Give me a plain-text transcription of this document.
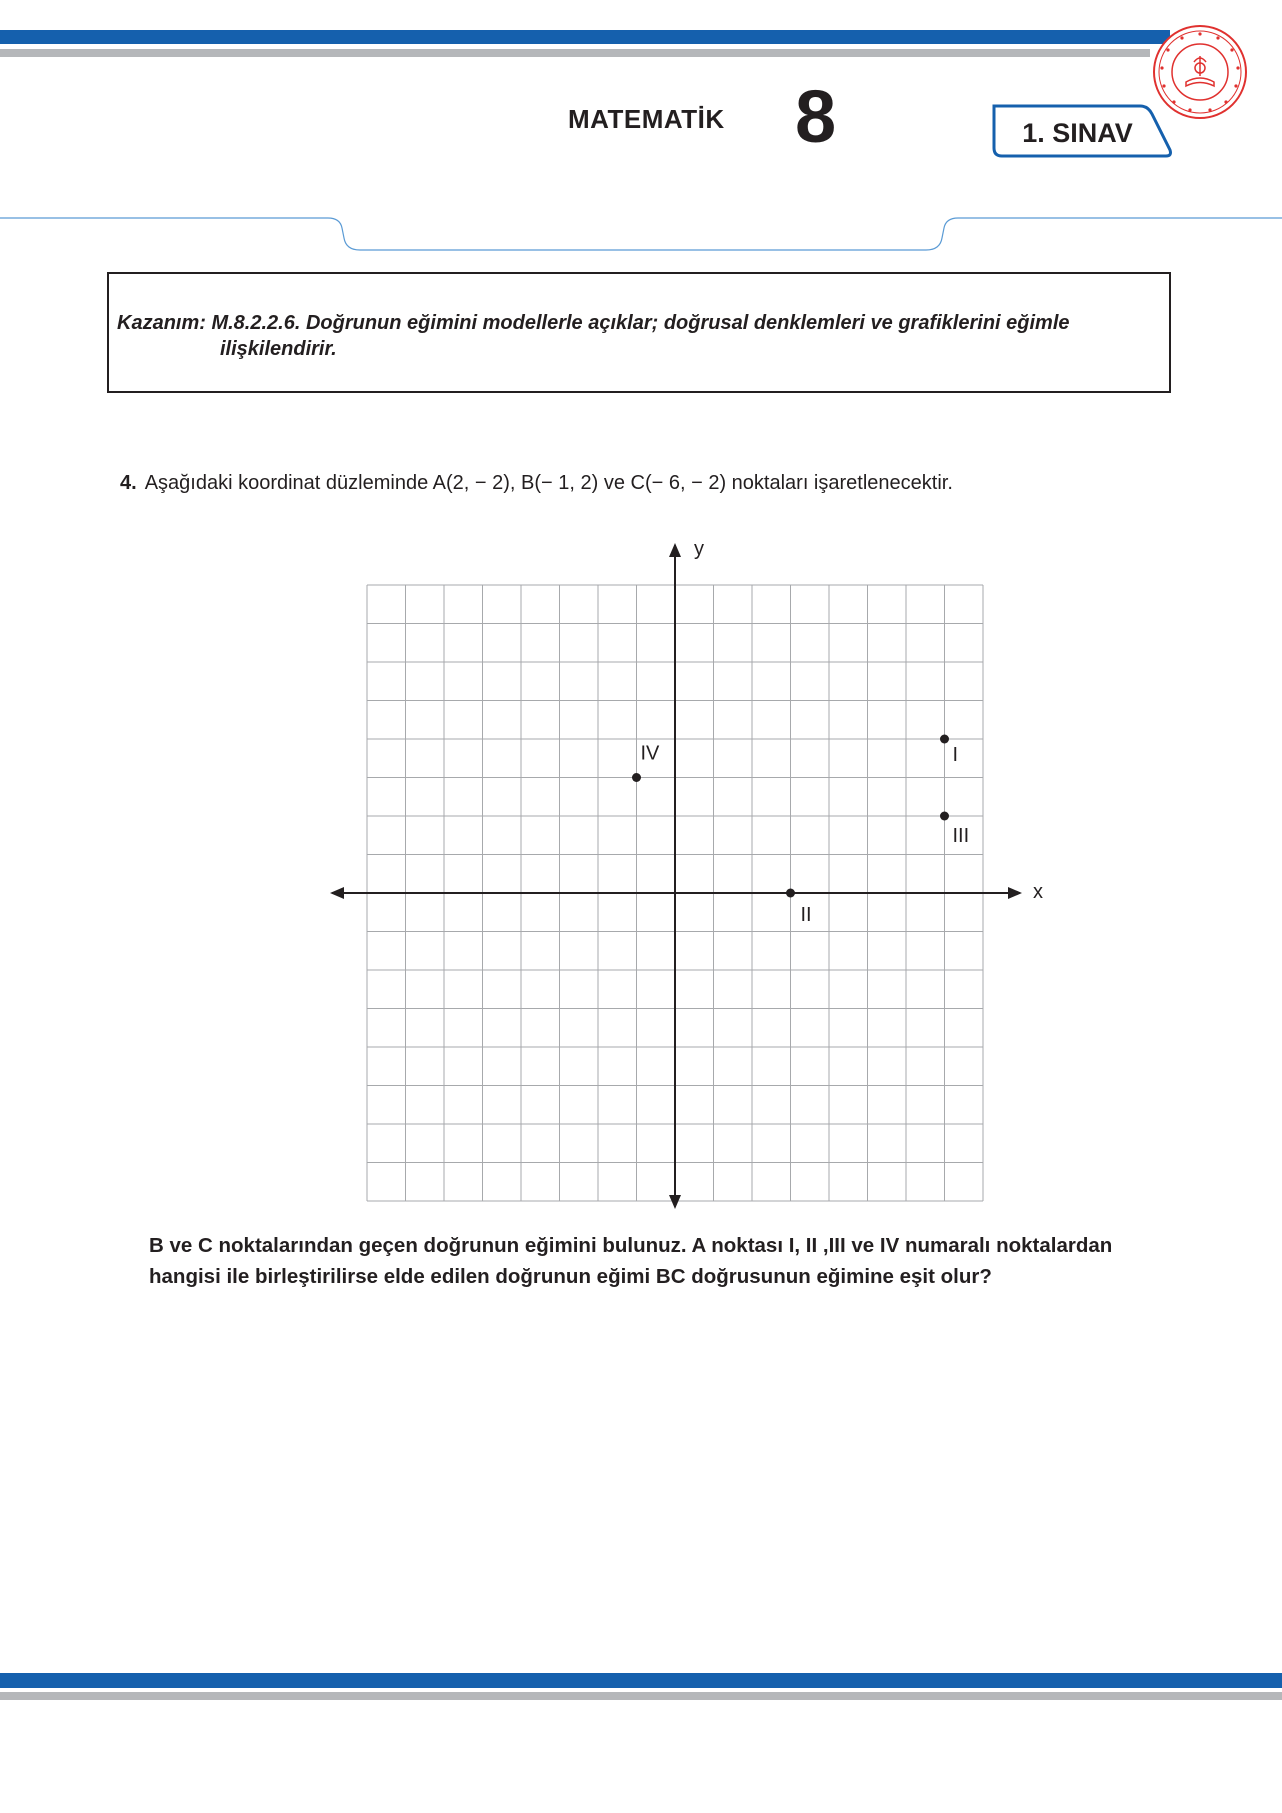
MATEMATİK 8	1. SINAV
Kazanım: M.8.2.2.6. Doğrunun eğimini modellerle açıklar; doğrusal denklemleri ve grafiklerini eğimle
ilişkilendirir.
4. Aşağıdaki koordinat düzleminde A(2, − 2), B(− 1, 2) ve C(− 6, − 2) noktaları işaretlenecektir.
x
y
I
II
III
IV
B ve C noktalarından geçen doğrunun eğimini bulunuz. A noktası I, II ,III ve IV numaralı noktalardan
hangisi ile birleştirilirse elde edilen doğrunun eğimi BC doğrusunun eğimine eşit olur?
